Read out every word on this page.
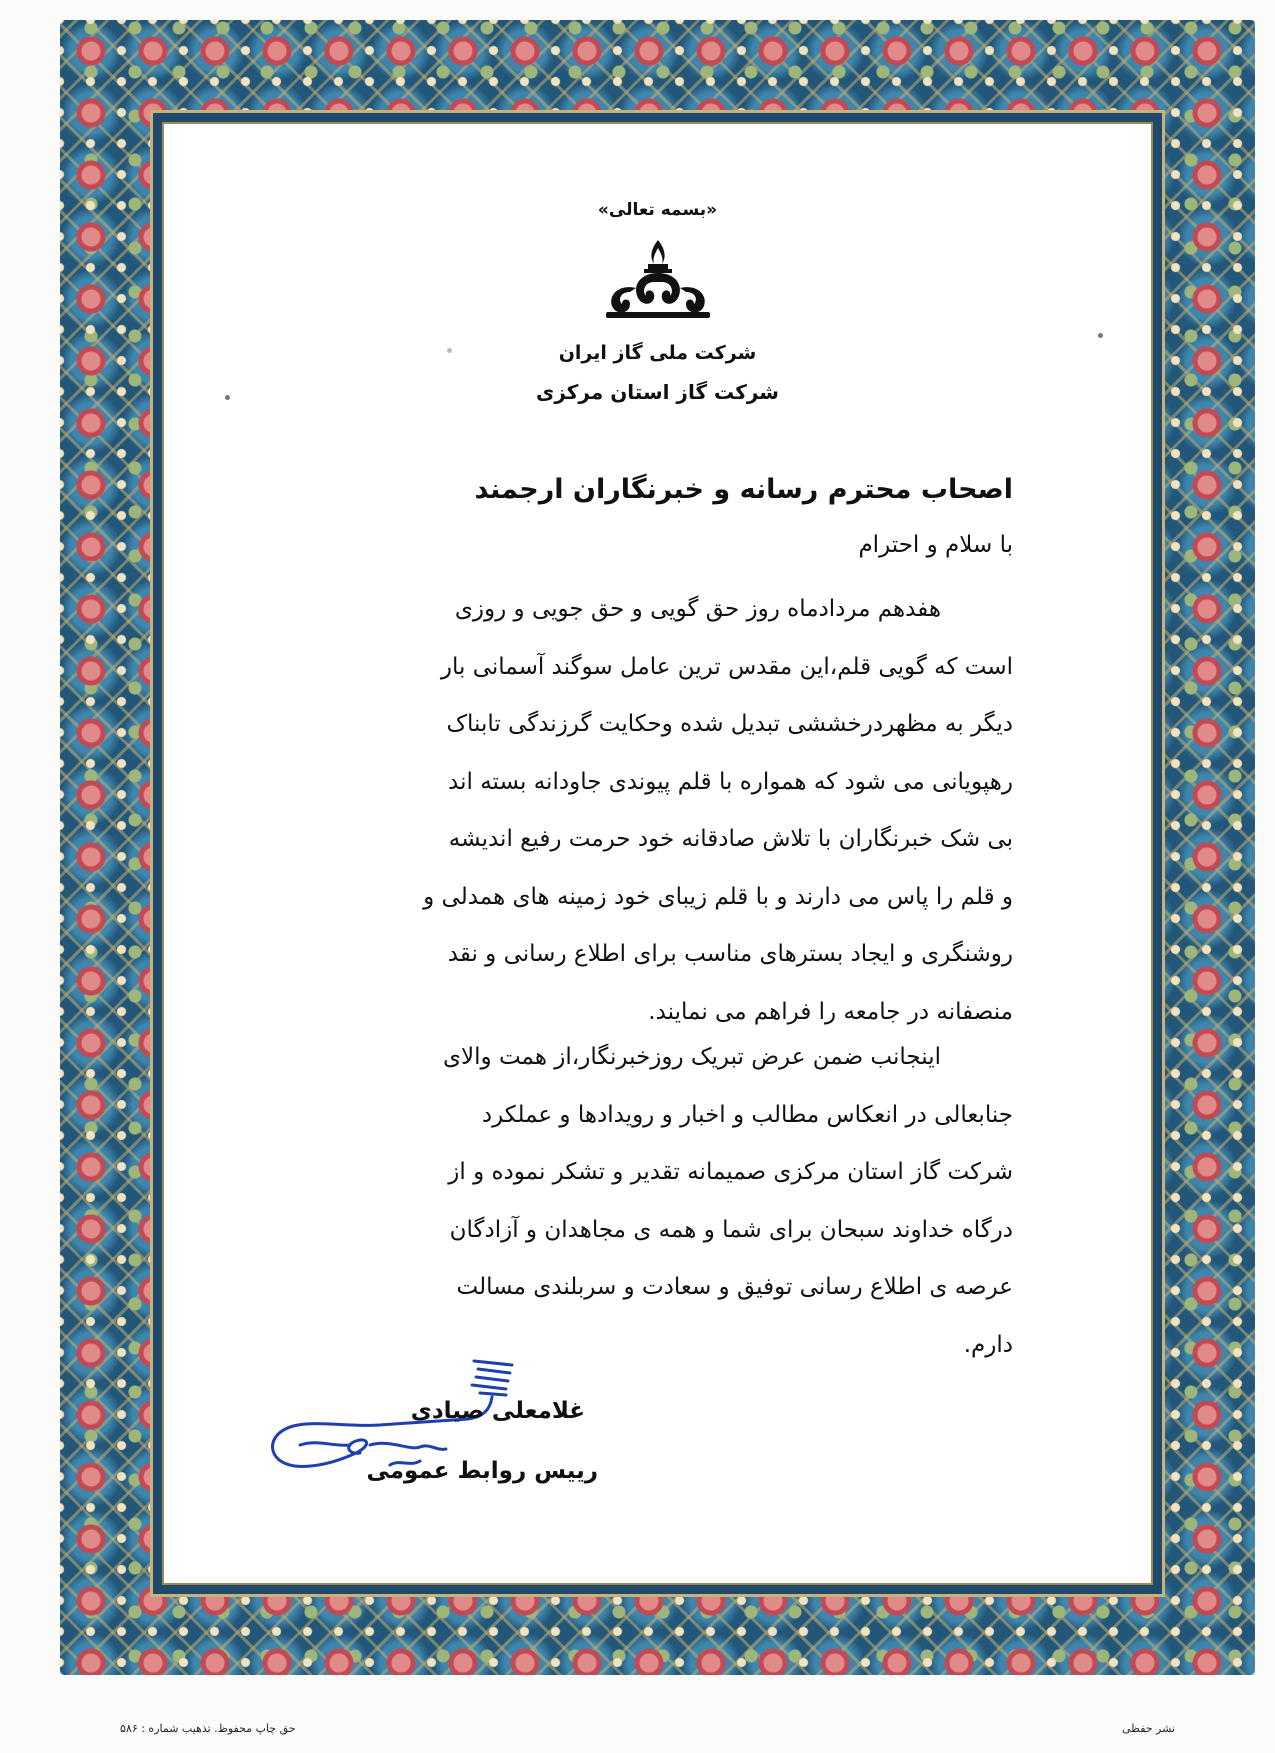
«بسمه تعالی»
شرکت ملی گاز ایران
شرکت گاز استان مرکزی
اصحاب محترم رسانه و خبرنگاران ارجمند
با سلام و احترام
هفدهم مردادماه روز حق گویی و حق جویی و روزی
است که گویی قلم،این مقدس ترین عامل سوگند آسمانی بار
دیگر به مظهردرخششی تبدیل شده وحکایت گرزندگی تابناک
رهپویانی می شود که همواره با قلم پیوندی جاودانه بسته اند
بی شک خبرنگاران با تلاش صادقانه خود حرمت رفیع اندیشه
و قلم را پاس می دارند و با قلم زیبای خود زمینه های همدلی و
روشنگری و ایجاد بسترهای مناسب برای اطلاع رسانی و نقد
منصفانه در جامعه را فراهم می نمایند.
اینجانب ضمن عرض تبریک روزخبرنگار،از همت والای
جنابعالی در انعکاس مطالب و اخبار و رویدادها و عملکرد
شرکت گاز استان مرکزی صمیمانه تقدیر و تشکر نموده و از
درگاه خداوند سبحان برای شما و همه ی مجاهدان و آزادگان
عرصه ی اطلاع رسانی توفیق و سعادت و سربلندی مسالت
دارم.
غلامعلی صیادی
رییس روابط عمومی
حق چاپ محفوظ. تذهیب شماره : ۵۸۶	نشر حفظی
